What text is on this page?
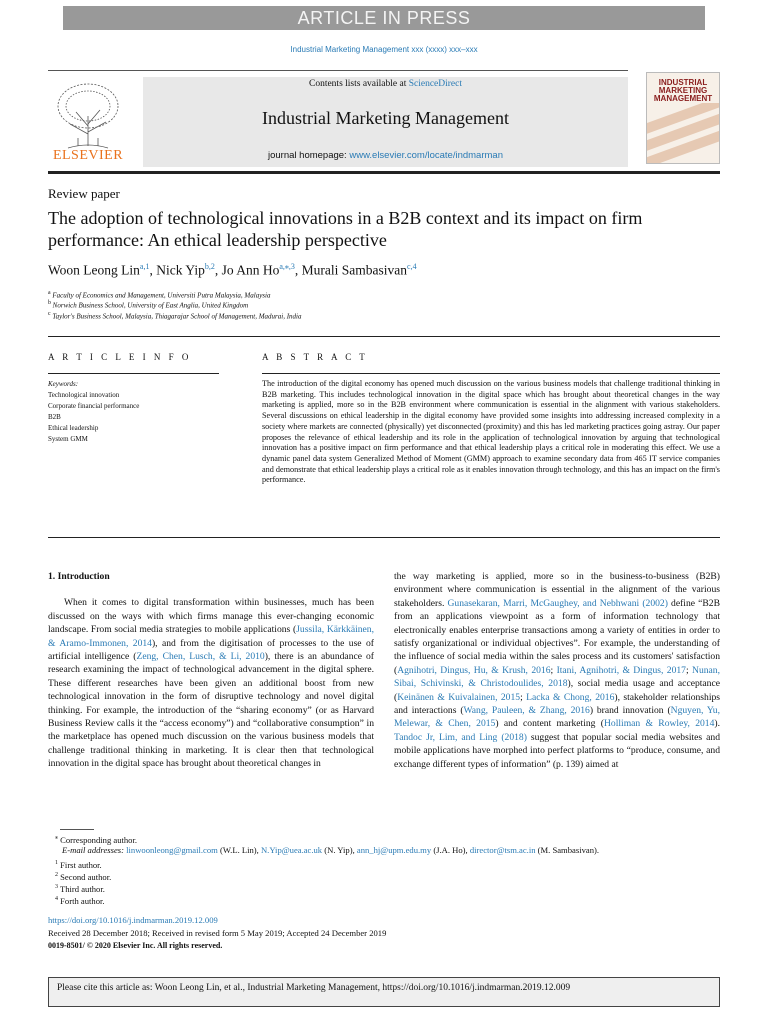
ARTICLE IN PRESS
Industrial Marketing Management xxx (xxxx) xxx–xxx
ELSEVIER
Contents lists available at ScienceDirect
Industrial Marketing Management
journal homepage: www.elsevier.com/locate/indmarman
INDUSTRIAL MARKETING MANAGEMENT
Review paper
The adoption of technological innovations in a B2B context and its impact on firm performance: An ethical leadership perspective
Woon Leong Lin$^{a,1}$, Nick Yip$^{b,2}$, Jo Ann $Ho^{a,⁎,3}$, Murali Sambasivan$^{c,4}$
$^a$ Faculty of Economics and Management, Universiti Putra Malaysia, Malaysia
$^b$ Norwich Business School, University of East Anglia, United Kingdom
$^c$ Taylor's Business School, Malaysia, Thiagarajar School of Management, Madurai, India
A R T I C L E I N F O	A B S T R A C T
Keywords:
Technological innovation
Corporate financial performance
B2B
Ethical leadership
System GMM
The introduction of the digital economy has opened much discussion on the various business models that challenge traditional thinking in B2B marketing. This includes technological innovation in the digital space which has brought about theoretical changes in the way marketing is applied, more so in the B2B environment where communication is essential in the alignment with various stakeholders. Several discussions on ethical leadership in the digital economy have provided some insights into addressing increased complexity in a society where markets are connected (physically) yet disconnected (proximity) and this has led marketing practices going astray. Our paper proposes the relevance of ethical leadership and its role in the application of technological innovation by arguing that technological innovation has a positive impact on firm performance and that ethical leadership plays a critical role in moderating this effect. We use a dynamic panel data system Generalized Method of Moment (GMM) approach to examine secondary data from 465 IT service companies and demonstrate that ethical leadership plays a critical role as it enables innovation through technology, and this has an impact on the firm's performance.
1. Introduction

When it comes to digital transformation within businesses, much has been discussed on the ways with which firms manage this ever-changing economic landscape. From social media strategies to mobile applications (Jussila, Kärkkäinen, & Aramo-Immonen, 2014), and from the digitisation of processes to the use of artificial intelligence (Zeng, Chen, Lusch, & Li, 2010), there is an abundance of research examining the impact of technological advancement in the digital sphere. These different researches have been given an additional boost from new technological innovation in the form of disruptive technology and novel digital thinking. For example, the introduction of the “sharing economy” (or as Harvard Business Review calls it the “access economy”) and “collaborative consumption” in the marketplace has opened much discussion on the various business models that challenge traditional thinking in marketing. It is clear then that technological innovation in the digital space has brought about theoretical changes in

the way marketing is applied, more so in the business-to-business (B2B) environment where communication is essential in the alignment of the various stakeholders. Gunasekaran, Marri, McGaughey, and Nebhwani (2002) define “B2B from an applications viewpoint as a form of information technology that electronically enables enterprise transactions among a variety of entities in order to satisfy organizational or individual objectives”. For example, the understanding of the influence of social media within the sales process and its customers' satisfaction (Agnihotri, Dingus, Hu, & Krush, 2016; Itani, Agnihotri, & Dingus, 2017; Nunan, Sibai, Schivinski, & Christodoulides, 2018), social media usage and acceptance (Keinänen & Kuivalainen, 2015; Lacka & Chong, 2016), stakeholder relationships and interactions (Wang, Pauleen, & Zhang, 2016) brand innovation (Nguyen, Yu, Melewar, & Chen, 2015) and content marketing (Holliman & Rowley, 2014). Tandoc Jr, Lim, and Ling (2018) suggest that popular social media websites and mobile applications have morphed into perfect platforms to “produce, consume, and exchange different types of information” (p. 139) aimed at

⁎ Corresponding author.
E-mail addresses: linwoonleong@gmail.com (W.L. Lin), N.Yip@uea.ac.uk (N. Yip), ann_hj@upm.edu.my (J.A. Ho), director@tsm.ac.in (M. Sambasivan).
$^1$ First author.
$^2$ Second author.
$^3$ Third author.
$^4$ Forth author.
https://doi.org/10.1016/j.indmarman.2019.12.009
Received 28 December 2018; Received in revised form 5 May 2019; Accepted 24 December 2019
0019-8501/ © 2020 Elsevier Inc. All rights reserved.
Please cite this article as: Woon Leong Lin, et al., Industrial Marketing Management, https://doi.org/10.1016/j.indmarman.2019.12.009
